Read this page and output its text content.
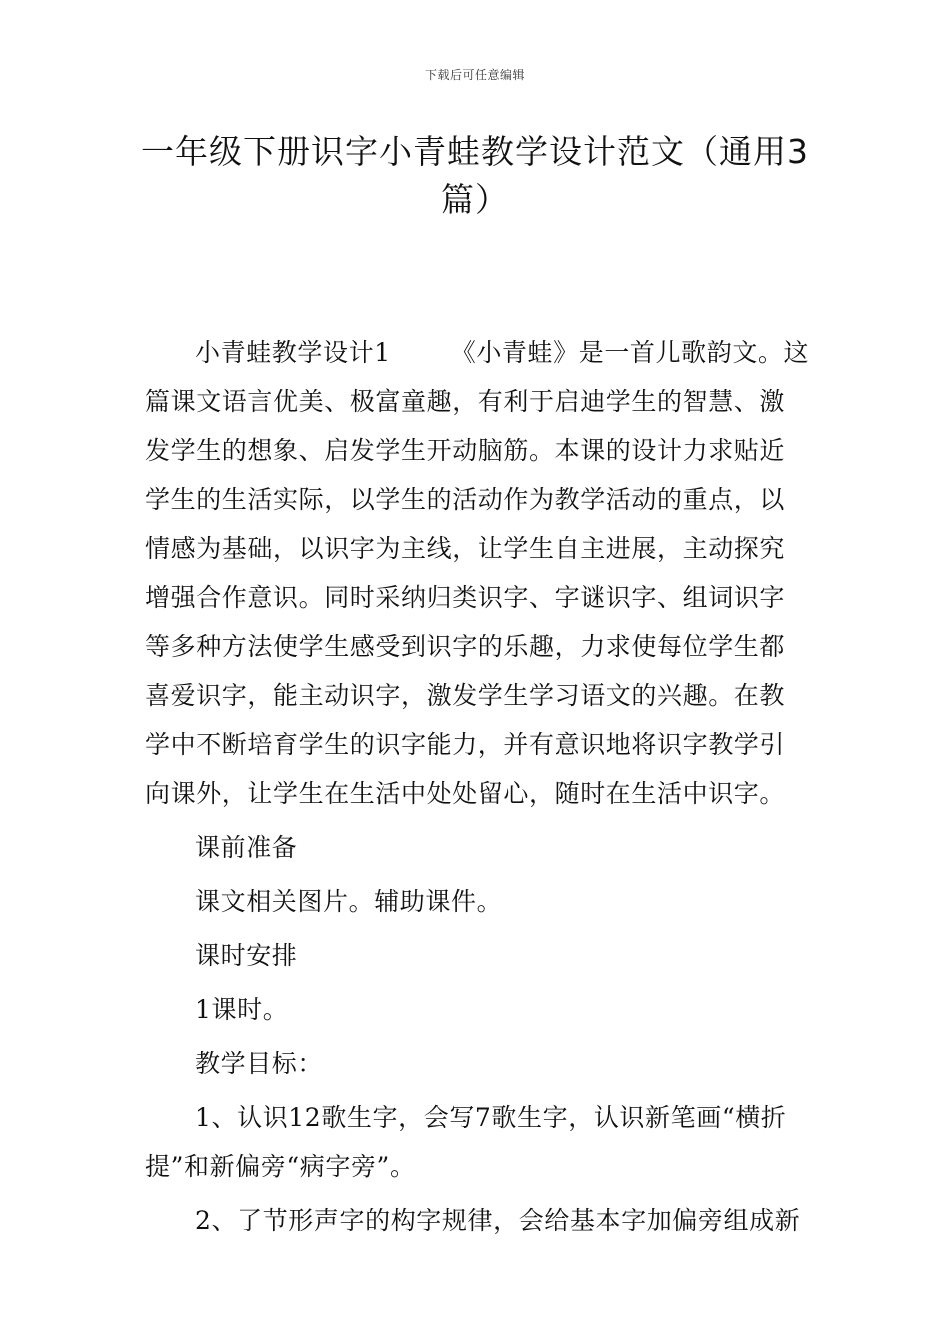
下载后可任意编辑
一年级下册识字小青蛙教学设计范文（通用3篇）

小青蛙教学设计1 《小青蛙》是一首儿歌韵文。这篇课文语言优美、极富童趣，有利于启迪学生的智慧、激发学生的想象、启发学生开动脑筋。本课的设计力求贴近学生的生活实际，以学生的活动作为教学活动的重点，以情感为基础，以识字为主线，让学生自主进展，主动探究增强合作意识。同时采纳归类识字、字谜识字、组词识字等多种方法使学生感受到识字的乐趣，力求使每位学生都喜爱识字，能主动识字，激发学生学习语文的兴趣。在教学中不断培育学生的识字能力，并有意识地将识字教学引向课外，让学生在生活中处处留心，随时在生活中识字。

课前准备

课文相关图片。辅助课件。

课时安排

1课时。

教学目标：

1、认识12歌生字，会写7歌生字，认识新笔画“横折提”和新偏旁“病字旁”。

2、了节形声字的构字规律，会给基本字加偏旁组成新
